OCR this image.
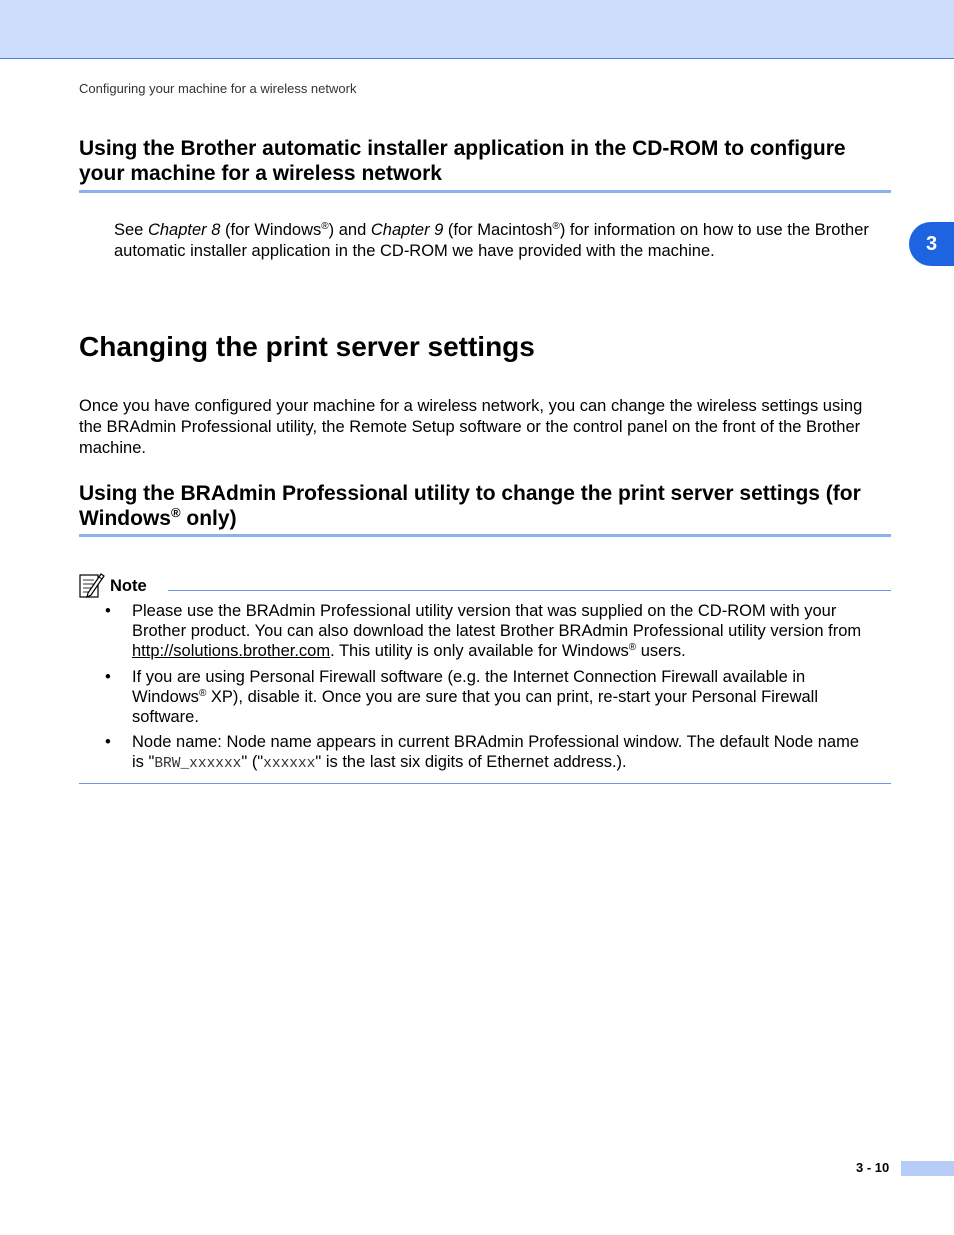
Configuring your machine for a wireless network
3
Using the Brother automatic installer application in the CD-ROM to configure
your machine for a wireless network

See Chapter 8 (for Windows®) and Chapter 9 (for Macintosh®) for information on how to use the Brother
automatic installer application in the CD-ROM we have provided with the machine.

Changing the print server settings

Once you have configured your machine for a wireless network, you can change the wireless settings using
the BRAdmin Professional utility, the Remote Setup software or the control panel on the front of the Brother
machine.

Using the BRAdmin Professional utility to change the print server settings (for
Windows® only)
Note
• Please use the BRAdmin Professional utility version that was supplied on the CD-ROM with your
Brother product. You can also download the latest Brother BRAdmin Professional utility version from
http://solutions.brother.com. This utility is only available for Windows® users.

• If you are using Personal Firewall software (e.g. the Internet Connection Firewall available in
Windows® XP), disable it. Once you are sure that you can print, re-start your Personal Firewall
software.

• Node name: Node name appears in current BRAdmin Professional window. The default Node name
is "BRW_xxxxxx" ("xxxxxx" is the last six digits of Ethernet address.).

3 - 10
